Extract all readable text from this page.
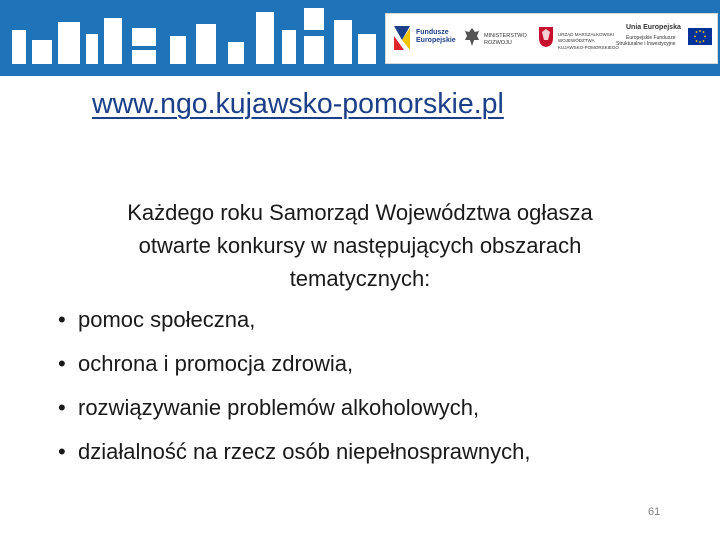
Fundusze
Europejskie
MINISTERSTWO
ROZWOJU
URZĄD MARSZAŁKOWSKI
WOJEWÓDZTWA KUJAWSKO-POMORSKIEGO
Unia Europejska
Europejskie Fundusze
Strukturalne i Inwestycyjne
www.ngo.kujawsko-pomorskie.pl
Każdego roku Samorząd Województwa ogłasza
otwarte konkursy w następujących obszarach
tematycznych:
• pomoc społeczna,
• ochrona i promocja zdrowia,
• rozwiązywanie problemów alkoholowych,
• działalność na rzecz osób niepełnosprawnych,
61
